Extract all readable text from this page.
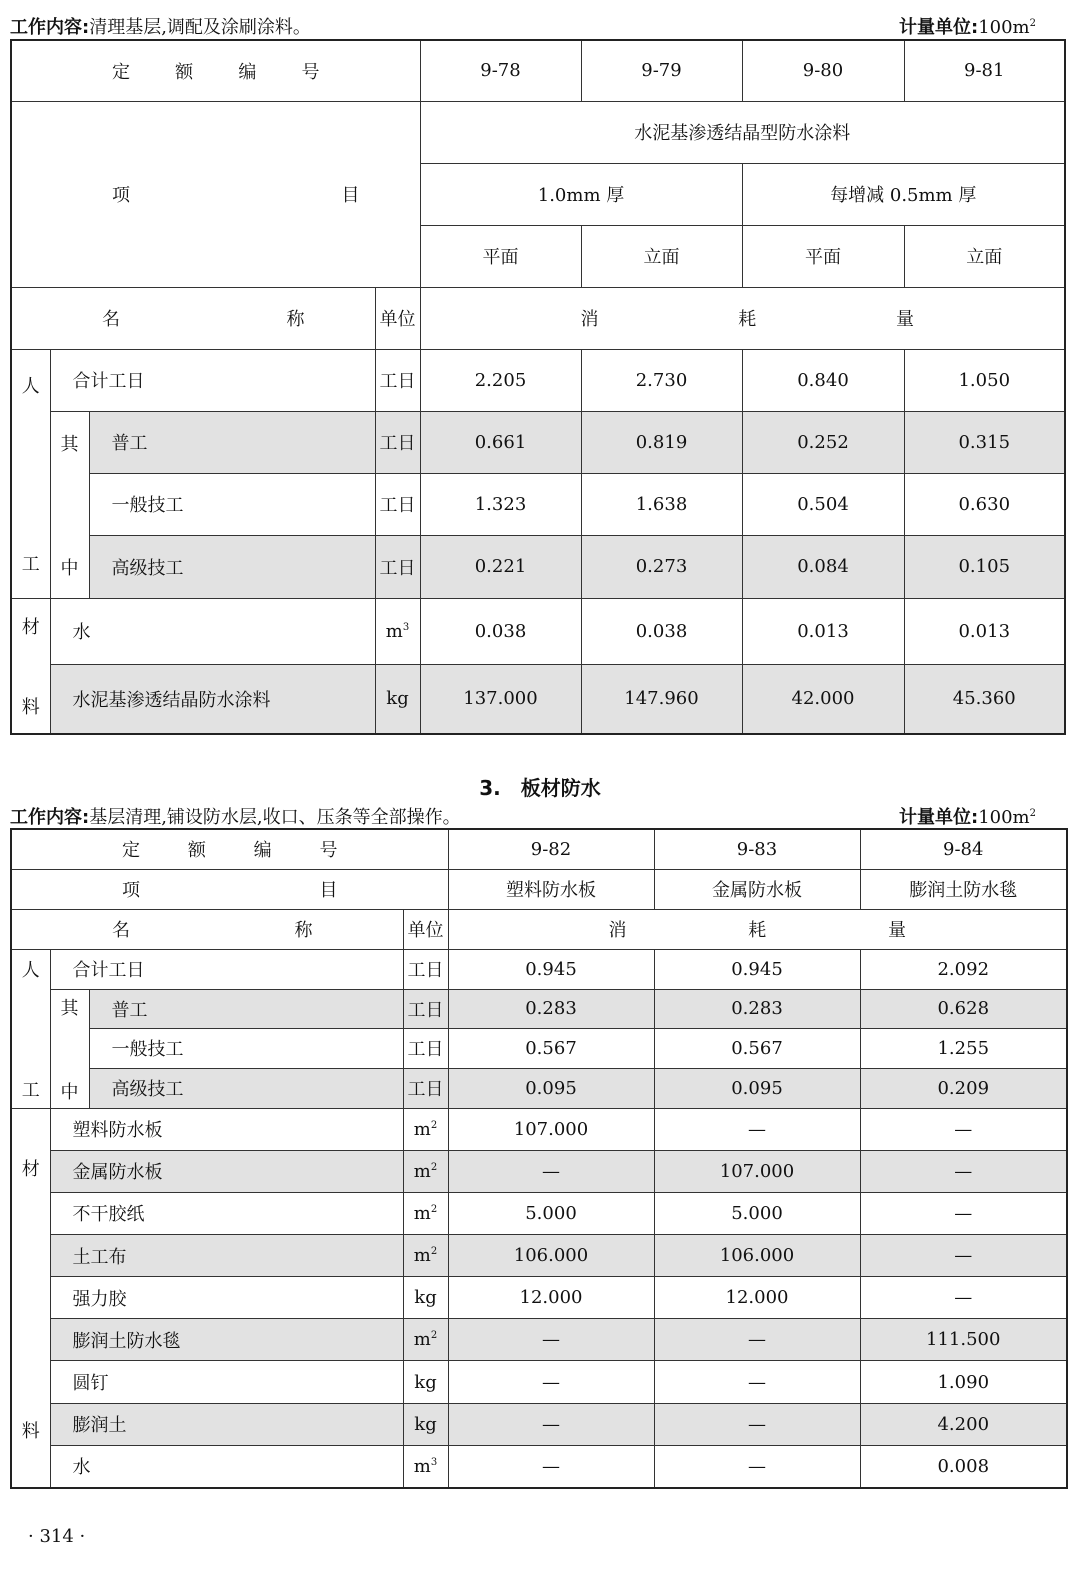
工作内容:清理基层,调配及涂刷涂料。	计量单位$:100m^2$
定 额 编 号				9-78	9-79	9-80	9-81

项 目				水泥基渗透结晶型防水涂料			
				1.0mm 厚		每增减 0.5mm 厚	
				平面	立面	平面	立面

名 称			单位	消 耗 量			

人
工	合计工日		工日	2.205	2.730	0.840	1.050

	其
中	普工	工日	0.661	0.819	0.252	0.315
		一般技工	工日	1.323	1.638	0.504	0.630
		高级技工	工日	0.221	0.273	0.084	0.105

材
料	水		$m^3$	0.038	0.038	0.013	0.013
	水泥基渗透结晶防水涂料		kg	137.000	147.960	42.000	45.360
3.　板材防水
工作内容:基层清理,铺设防水层,收口、压条等全部操作。	计量单位$:100m^2$
定 额 编 号				9-82	9-83	9-84

项 目				塑料防水板	金属防水板	膨润土防水毯

名 称			单位	消 耗 量		

人
工	合计工日		工日	0.945	0.945	2.092

	其
中	普工	工日	0.283	0.283	0.628
		一般技工	工日	0.567	0.567	1.255
		高级技工	工日	0.095	0.095	0.209

材
料	塑料防水板		$m^2$	107.000	—	—
	金属防水板		$m^2$	—	107.000	—
	不干胶纸		$m^2$	5.000	5.000	—
	土工布		$m^2$	106.000	106.000	—
	强力胶		kg	12.000	12.000	—
	膨润土防水毯		$m^2$	—	—	111.500
	圆钉		kg	—	—	1.090
	膨润土		kg	—	—	4.200
	水		$m^3$	—	—	0.008
· 314 ·
